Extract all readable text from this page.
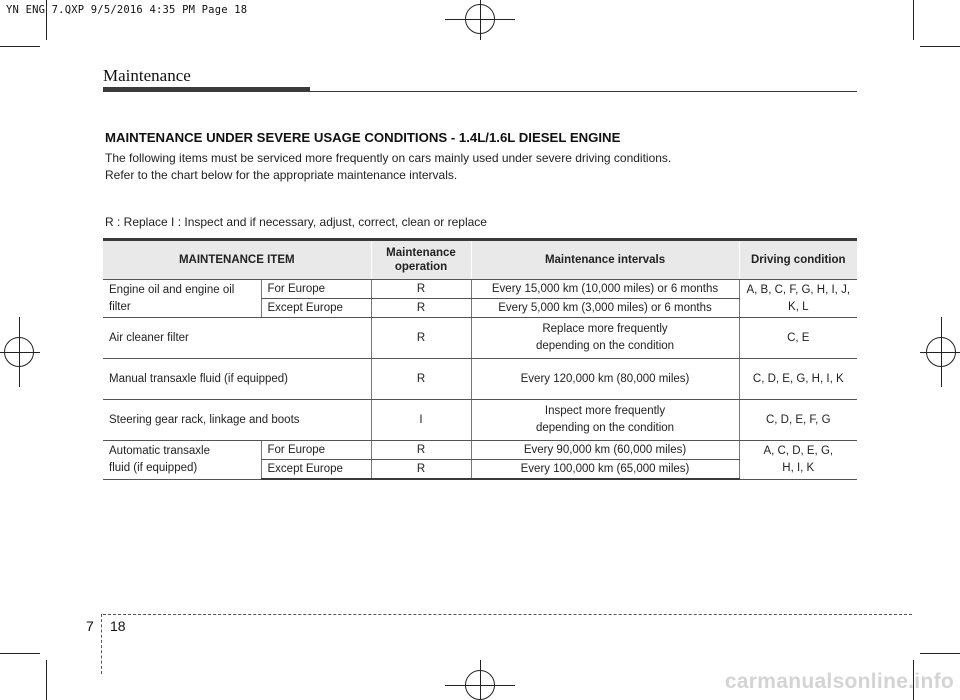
YN ENG 7.QXP 9/5/2016 4:35 PM Page 18
Maintenance
MAINTENANCE UNDER SEVERE USAGE CONDITIONS - 1.4L/1.6L DIESEL ENGINE
The following items must be serviced more frequently on cars mainly used under severe driving conditions.
Refer to the chart below for the appropriate maintenance intervals.
R : Replace I : Inspect and if necessary, adjust, correct, clean or replace
MAINTENANCE ITEM		Maintenance operation	Maintenance intervals	Driving condition
Engine oil and engine oil filter	For Europe	R	Every 15,000 km (10,000 miles) or 6 months	A, B, C, F, G, H, I, J, K, L
	Except Europe	R	Every 5,000 km (3,000 miles) or 6 months	
Air cleaner filter		R	Replace more frequently depending on the condition	C, E
Manual transaxle fluid (if equipped)		R	Every 120,000 km (80,000 miles)	C, D, E, G, H, I, K
Steering gear rack, linkage and boots		I	Inspect more frequently depending on the condition	C, D, E, F, G
Automatic transaxle fluid (if equipped)	For Europe	R	Every 90,000 km (60,000 miles)	A, C, D, E, G, H, I, K
	Except Europe	R	Every 100,000 km (65,000 miles)	
7 18
carmanualsonline.info
